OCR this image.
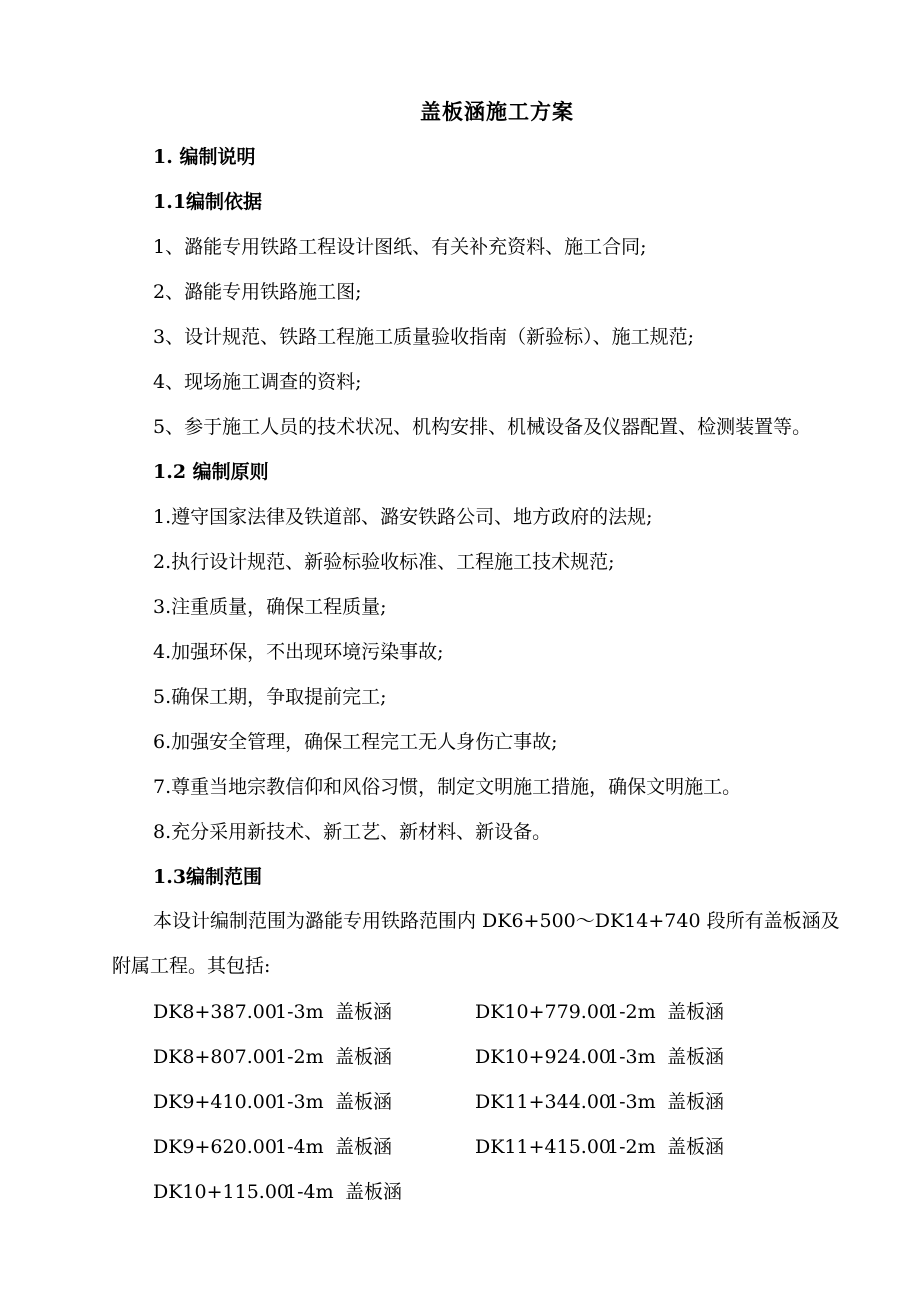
盖板涵施工方案
1. 编制说明
1.1编制依据
1、潞能专用铁路工程设计图纸、有关补充资料、施工合同;
2、潞能专用铁路施工图;
3、设计规范、铁路工程施工质量验收指南（新验标）、施工规范;
4、现场施工调查的资料;
5、参于施工人员的技术状况、机构安排、机械设备及仪器配置、检测装置等。
1.2 编制原则
1.遵守国家法律及铁道部、潞安铁路公司、地方政府的法规;
2.执行设计规范、新验标验收标准、工程施工技术规范;
3.注重质量，确保工程质量;
4.加强环保，不出现环境污染事故;
5.确保工期，争取提前完工;
6.加强安全管理，确保工程完工无人身伤亡事故;
7.尊重当地宗教信仰和风俗习惯，制定文明施工措施，确保文明施工。
8.充分采用新技术、新工艺、新材料、新设备。
1.3编制范围
本设计编制范围为潞能专用铁路范围内 DK6+500～DK14+740 段所有盖板涵及附属工程。其包括:
DK8+387.001-3m 盖板涵
DK8+807.001-2m 盖板涵
DK9+410.001-3m 盖板涵
DK9+620.001-4m 盖板涵
DK10+115.001-4m 盖板涵
DK10+779.001-2m 盖板涵
DK10+924.001-3m 盖板涵
DK11+344.001-3m 盖板涵
DK11+415.001-2m 盖板涵
